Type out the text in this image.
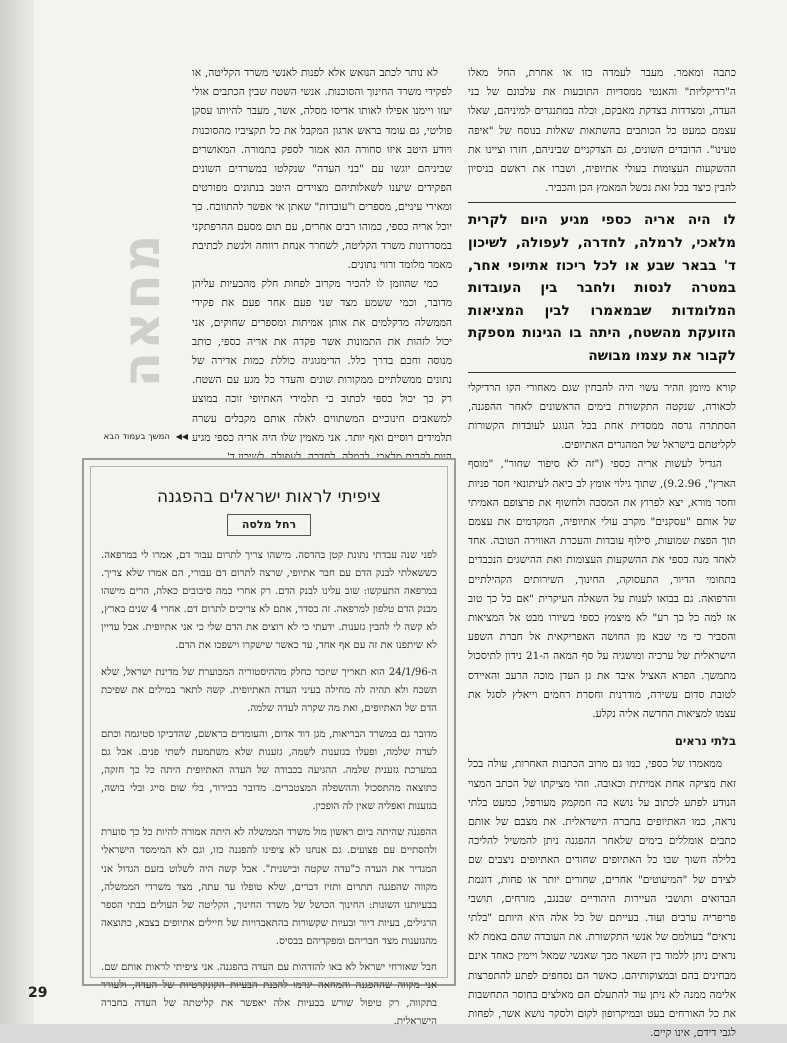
כתבה ומאמר. מעבר לעמדה כזו או אחרת, החל מאלו ה"רדיקליות" והאנטי ממסדיות התובעות את עלבונם של בני העדה, ומצדדות בצדקת מאבקם, וכלה במתנגדים למיניהם, שאלו עצמם כמעט כל הכותבים בהשתאות שאלות בנוסח של "איפה טעינו". הדובדים השונים, גם הצדקניים שביניהם, חזרו וציינו את ההשקעות העצומות בעולי אתיופיה, ושברו את ראשם בניסיון להבין כיצד בכל זאת נכשל המאמץ הכן והכביר.

לו היה אריה כספי מגיע היום לקרית מלאכי, לרמלה, לחדרה, לעפולה, לשיכון ד' בבאר שבע או לכל ריכוז אתיופי אחר, במטרה לנסות ולחבר בין העובדות המלומדות שבמאמרו לבין המציאות הזועקת מהשטח, היתה בו הגינות מספקת לקבור את עצמו מבושה

קורא מיומן וזהיר עשוי היה להבחין שגם מאחורי הקו הרדיקלי לכאורה, שנקטה התקשורת בימים הראשונים לאחר ההפגנה, הסתתרה גרסה ממסדית אחת בכל הנוגע לעובדות הקשורות לקליטתם בישראל של המהגרים האתיופים.

הגדיל לעשות אריה כספי ("זה לא סיפור שחור", "מוסף הארץ", 9.2.96), שתוך גילוי אומץ לב כיאה לעיתונאי חסר פניות וחסר מורא, יצא לפרוץ את המסכה ולחשוף את פרצופם האמיתי של אותם "עסקנים" מקרב עולי אתיופיה, המקדמים את עצמם תוך הפצת שמועות, סילוף עובדות והעכרת האווירה הטובה. אחד לאחד מנה כספי את ההשקעות העצומות ואת ההישגים הנכבדים בתחומי הדיור, התעסוקה, החינוך, השירותים הקהילתיים והרפואה. גם בבואו לענות על השאלה העיקרית "אם כל כך טוב אז למה כל כך רע" לא מיצמץ כספי בשיורו מבט אל המציאות והסביר כי מי שבא מן החושה האפריקאית אל חברת השפע הישראלית של ערכיה ומושגיה על סף המאה ה-21 נידון לתיסכול מתמשך. הפרא האציל איבד את גן העדן מוכה הרעב והאיידס לטובת סדום עשירה, מודרנית וחסרת רחמים וייאלץ לסגל את עצמו למציאות החדשה אליה נקלע.

בלתי נראים

ממאמרו של כספי, כמו גם מרוב הכתבות האחרות, עולה בכל זאת מציקה אחת אמיתית וכאובה. וזהי מציקתו של הכתב המצוי הנודע לפתע לכתוב על נושא כה חמקמק מעורפל, כמעט בלתי נראה, כמו האתיופים בחברה הישראלית. את מצבם של אותם כתבים אומללים בימים שלאחר ההפגנה ניתן להמשיל להליכה בלילה חשוך שבו כל האתיופים שחורים האתיופים ניצבים שם לצידם של "המיעוטים" אחרים, שחורים יותר או פחות, דוגמת הבדואים ותושבי העיירות היהודיים שבנגב, מזרחים, תושבי פריפריה ערבים ועוד. בעייתם של כל אלה היא היותם "בלתי נראים" בעולמם של אנשי התקשורת. את העובדה שהם באמת לא נראים ניתן ללמוד בין השאר מכך שאנשי שמאל ויימין כאחד אינם מבחינים בהם ובמצוקותיהם. כאשר הם נסחפים לפתע להתפרצות אלימה ממנה לא ניתן עוד להתעלם הם מאלצים בחוסר התחשבות את כל האורחים בעט ובמיקרופון לקום ולסקר נושא אשר, לפחות לגבי דידם, אינו קיים.

לא נותר לכתב הנואש אלא לפנות לאנשי משרד הקליטה, או לפקידי משרד החינוך והסוכנות. אנשי השטח שבין הכתבים אולי יעזו ויימנו אפילו לאותו אדיסו מסלה, אשר, מעבר להיותו עסקן פוליטי, גם עומד בראש ארגון המקבל את כל תקציביו מהסוכנות ויודע היטב איזו סחורה הוא אמור לספק בתמורה. המאושרים שביניהם יוגשו עם "בני העדה" שנקלטו במשרדים השונים הפקידים שיענו לשאלותיהם מצוידים היטב בנתונים מפורטים ומאירי עיניים, מספרים ו"עובדות" שאתן אי אפשר להתווכח. כך יוכל אריה כספי, כמוהו רבים אחרים, עם תום מסעם ההרפתקני במסדרונות משרד הקליטה, לשחרר אנחת רווחה ולגשת לכתיבת מאמר מלומד ורווי נתונים.

כמי שהוזמן לו להכיר מקרוב לפחות חלק מהבעיות עליהן מדובר, וכמי ששמע מצד שני פעם אחר פעם את פקידי הממשלה מדקלמים את אותן אמיתות ומספרים שחוקים, אני יכול לזהות את התמונות אשר פקדה את אריה כספי, כותב מנוסה וחכם בדרך כלל. הדימגוגיה כוללת כמות אדירה של נתונים ממשלתיים ממקורות שונים והעדר כל מגע עם השטח. רק כך יכול כספי לכתוב כי תלמידי האתיופי זוכה במוצע למשאבים חינוכיים המשתווים לאלה אותם מקבלים עשרה תלמידים רוסיים ואף יותר. אני מאמין שלו היה אריה כספי מגיע

מחאה
◀◀ המשך בעמוד הבא
ציפיתי לראות ישראלים בהפגנה
רחל מלסה

לפני שנה עבדתי נתונת קטן בהדסה. מישהו צריך לתרום עבור דם, אמרו לי במרפאה. כששאלתי לבנק הדם עם חבר אתיופי, שרצה לתרום דם עבורי, הם אמרו שלא צריך. במרפאה התעקשו: שוב עלינו לבנק הדם. רק אחרי כמה סיבובים כאלה, הרים מישהו מבנק הדם טלפון למרפאה. זה בסדר, אתם לא צריכים לתרום דם. אחרי 4 שנים בארץ, לא קשה לי להבין גזענות. ידעתי כי לא רוצים את הדם שלי כי אני אתיופית. אבל עדיין לא שיתפנו את זה עם אף אחד, עד כאשר שישקרו וישפכו את הדם.

ה-24/1/96 הוא תאריך שיזכר כחלק מההיסטוריה המכוערת של מדינת ישראל, שלא תשכח ולא תהיה לה מחילה בעיני העדה האתיופית. קשה לתאר במילים את שפיכת הדם של האתיופים, ואת מה שקרה לעדה שלמה.

מדובר גם במשרד הבריאות, מגן דוד אדום, והעומדים בראשם, שהדביקו סטיגמה וכתם לעדה שלמה, ופעלו בגזענות לשמה, גזענות שלא משתמעת לשתי פנים. אבל גם במערכת גזענית שלמה. ההגיעה בכבודה של העדה האתיופית היתה כל כך חזקה, כתוצאה מהתסכול וההשפלה המצטברים. מדובר בבירור, בלי שום סייג ובלי בושה, בגזענות ואפליה שאין לה הופכין.

ההפגנה שהיתה ביום ראשון מול משרד הממשלה לא היתה אמורה להיות כל כך סוערת ולהסתיים עם פצועים. גם אנחנו לא ציפינו להפגנה כזו, וגם לא המימסד הישראלי המגדיר את העדה כ"עדה שקטה ובישנית". אבל קשה היה לשלוט בזעם הגדול אני מקווה שהפגנה תתרום ותזיז דברים, שלא טופלו עד עתה, מצד משרדי הממשלה, בבעיותנו השונות: החינוך הכושל של משרד החינוך, הקליטה של העולים בבתי הספר הרגילים, בעיות דיור ובעיות שקשורות בהתאבדויות של חיילים אתיופים בצבא, כתוצאה מהגזענות מצד חבריהם ומפקדיהם בבסיס.

חבל שאזרחי ישראל לא באו להזדהות עם העדה בהפגנה. אני ציפיתי לראות אותם שם. אני מקווה שההפגנה והמחאה יגרמו להבנת הבעיות הקונקרטיות של העדה, ולעורר בתקווה, רק טיפול שורש בבעיות אלה יאפשר את קליטתה של העדה בחברה הישראלית.

29
